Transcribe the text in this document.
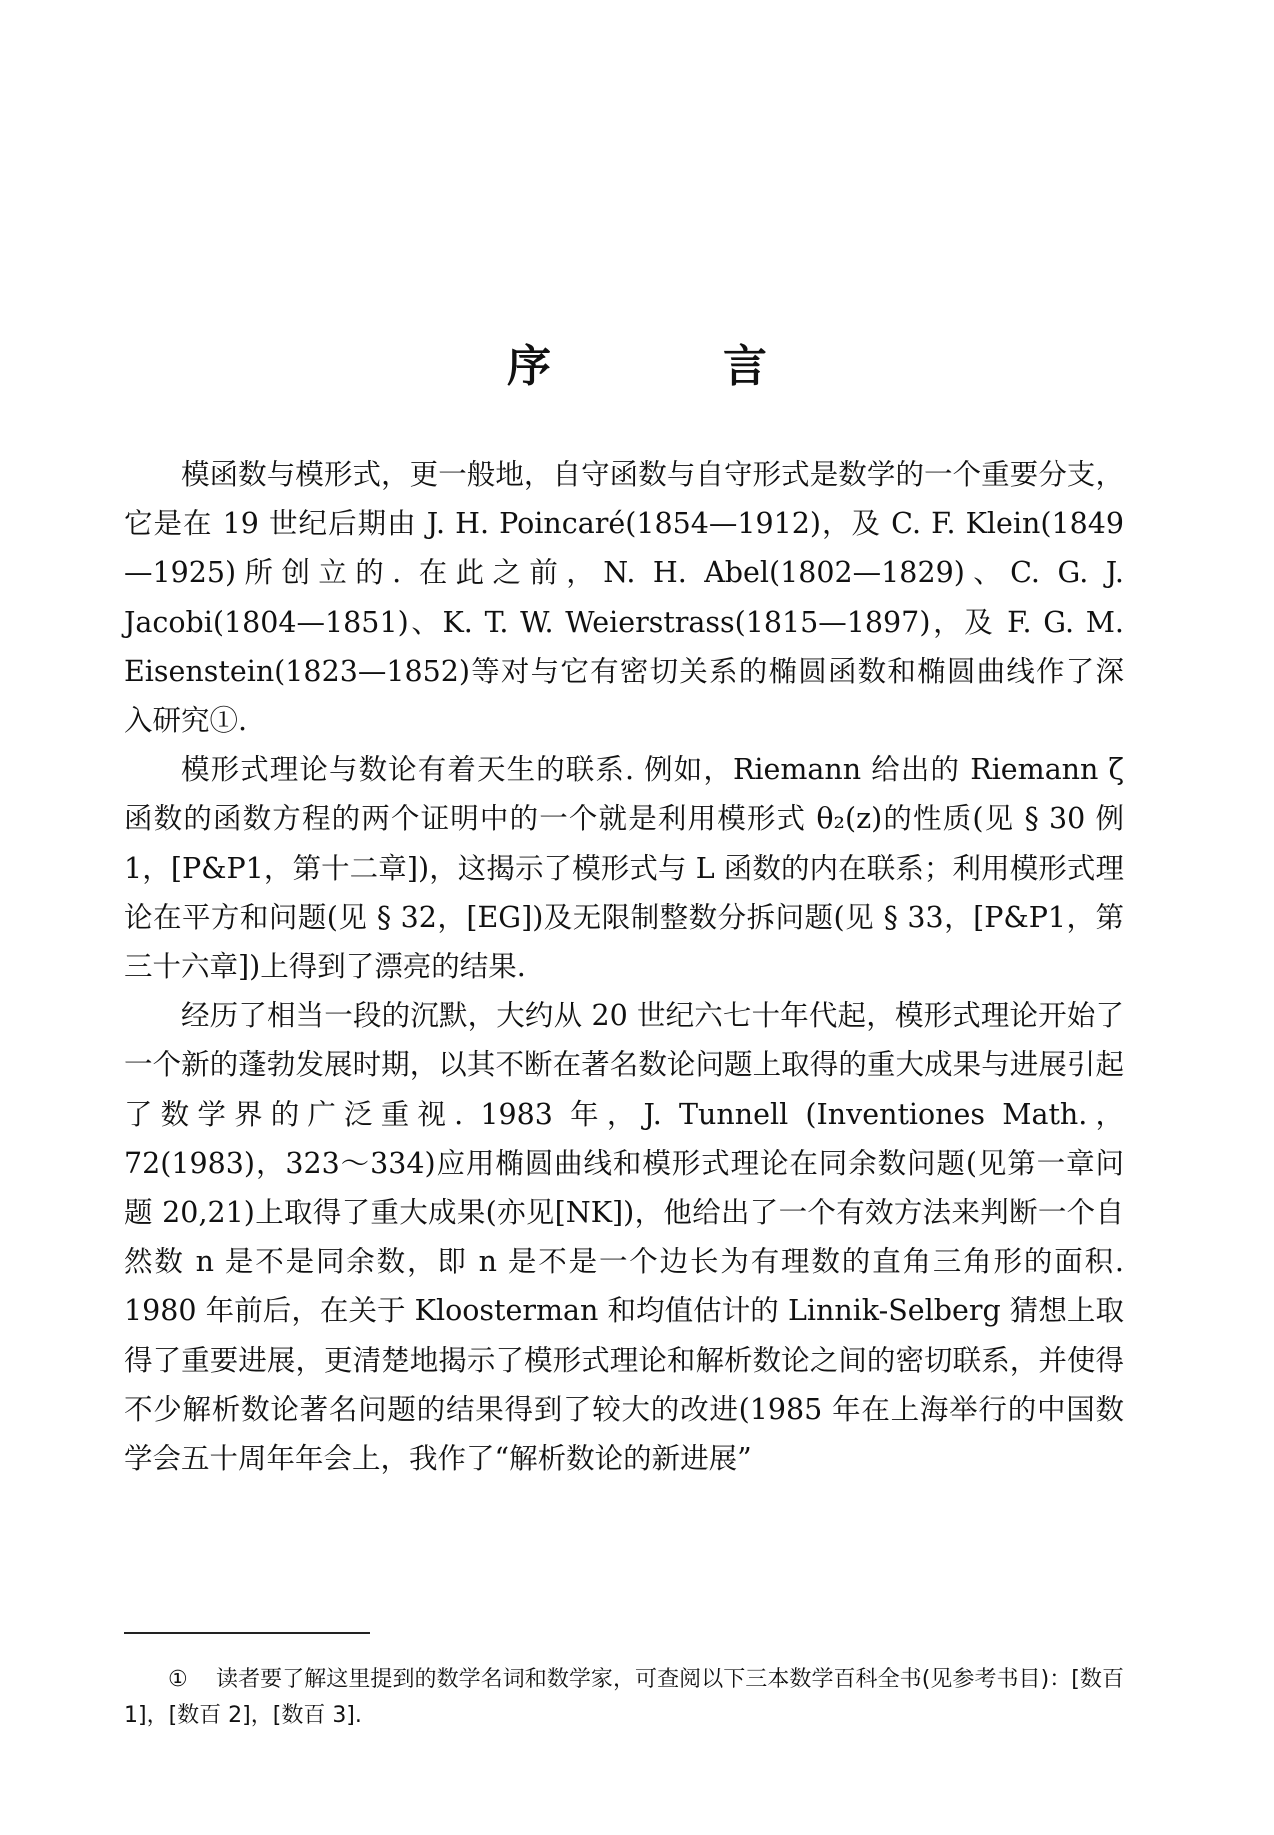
序　言

模函数与模形式，更一般地，自守函数与自守形式是数学的一个重要分支，它是在 19 世纪后期由 J. H. Poincaré(1854—1912)，及 C. F. Klein(1849—1925)所创立的. 在此之前，N. H. Abel(1802—1829)、C. G. J. Jacobi(1804—1851)、K. T. W. Weierstrass(1815—1897)，及 F. G. M. Eisenstein(1823—1852)等对与它有密切关系的椭圆函数和椭圆曲线作了深入研究①.

模形式理论与数论有着天生的联系. 例如，Riemann 给出的 Riemann ζ 函数的函数方程的两个证明中的一个就是利用模形式 θ₂(z)的性质(见 § 30 例 1，[P&P1，第十二章])，这揭示了模形式与 L 函数的内在联系；利用模形式理论在平方和问题(见 § 32，[EG])及无限制整数分拆问题(见 § 33，[P&P1，第三十六章])上得到了漂亮的结果.

经历了相当一段的沉默，大约从 20 世纪六七十年代起，模形式理论开始了一个新的蓬勃发展时期，以其不断在著名数论问题上取得的重大成果与进展引起了数学界的广泛重视. 1983 年，J. Tunnell (Inventiones Math.，72(1983)，323～334)应用椭圆曲线和模形式理论在同余数问题(见第一章问题 20,21)上取得了重大成果(亦见[NK])，他给出了一个有效方法来判断一个自然数 n 是不是同余数，即 n 是不是一个边长为有理数的直角三角形的面积. 1980 年前后，在关于 Kloosterman 和均值估计的 Linnik-Selberg 猜想上取得了重要进展，更清楚地揭示了模形式理论和解析数论之间的密切联系，并使得不少解析数论著名问题的结果得到了较大的改进(1985 年在上海举行的中国数学会五十周年年会上，我作了“解析数论的新进展”

① 读者要了解这里提到的数学名词和数学家，可查阅以下三本数学百科全书(见参考书目)：[数百 1]，[数百 2]，[数百 3].
